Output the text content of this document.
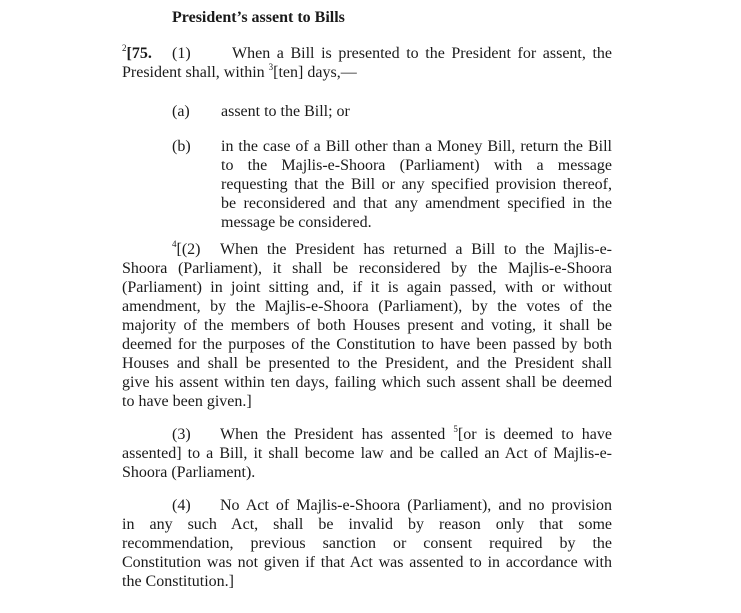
President’s assent to Bills
$^2$[75. (1)	When a Bill is presented to the President for assent, the
President shall, within $^3$[ten] days,—
(a) assent to the Bill; or
(b) in the case of a Bill other than a Money Bill, return the Bill
to the Majlis-e-Shoora (Parliament) with a message
requesting that the Bill or any specified provision thereof,
be reconsidered and that any amendment specified in the
message be considered.
$^4$[(2) When the President has returned a Bill to the Majlis-e-
Shoora (Parliament), it shall be reconsidered by the Majlis-e-Shoora
(Parliament) in joint sitting and, if it is again passed, with or without
amendment, by the Majlis-e-Shoora (Parliament), by the votes of the
majority of the members of both Houses present and voting, it shall be
deemed for the purposes of the Constitution to have been passed by both
Houses and shall be presented to the President, and the President shall
give his assent within ten days, failing which such assent shall be deemed
to have been given.]
(3) When the President has assented $^5$[or is deemed to have
assented] to a Bill, it shall become law and be called an Act of Majlis-e-
Shoora (Parliament).
(4) No Act of Majlis-e-Shoora (Parliament), and no provision
in any such Act, shall be invalid by reason only that some
recommendation, previous sanction or consent required by the
Constitution was not given if that Act was assented to in accordance with
the Constitution.]
